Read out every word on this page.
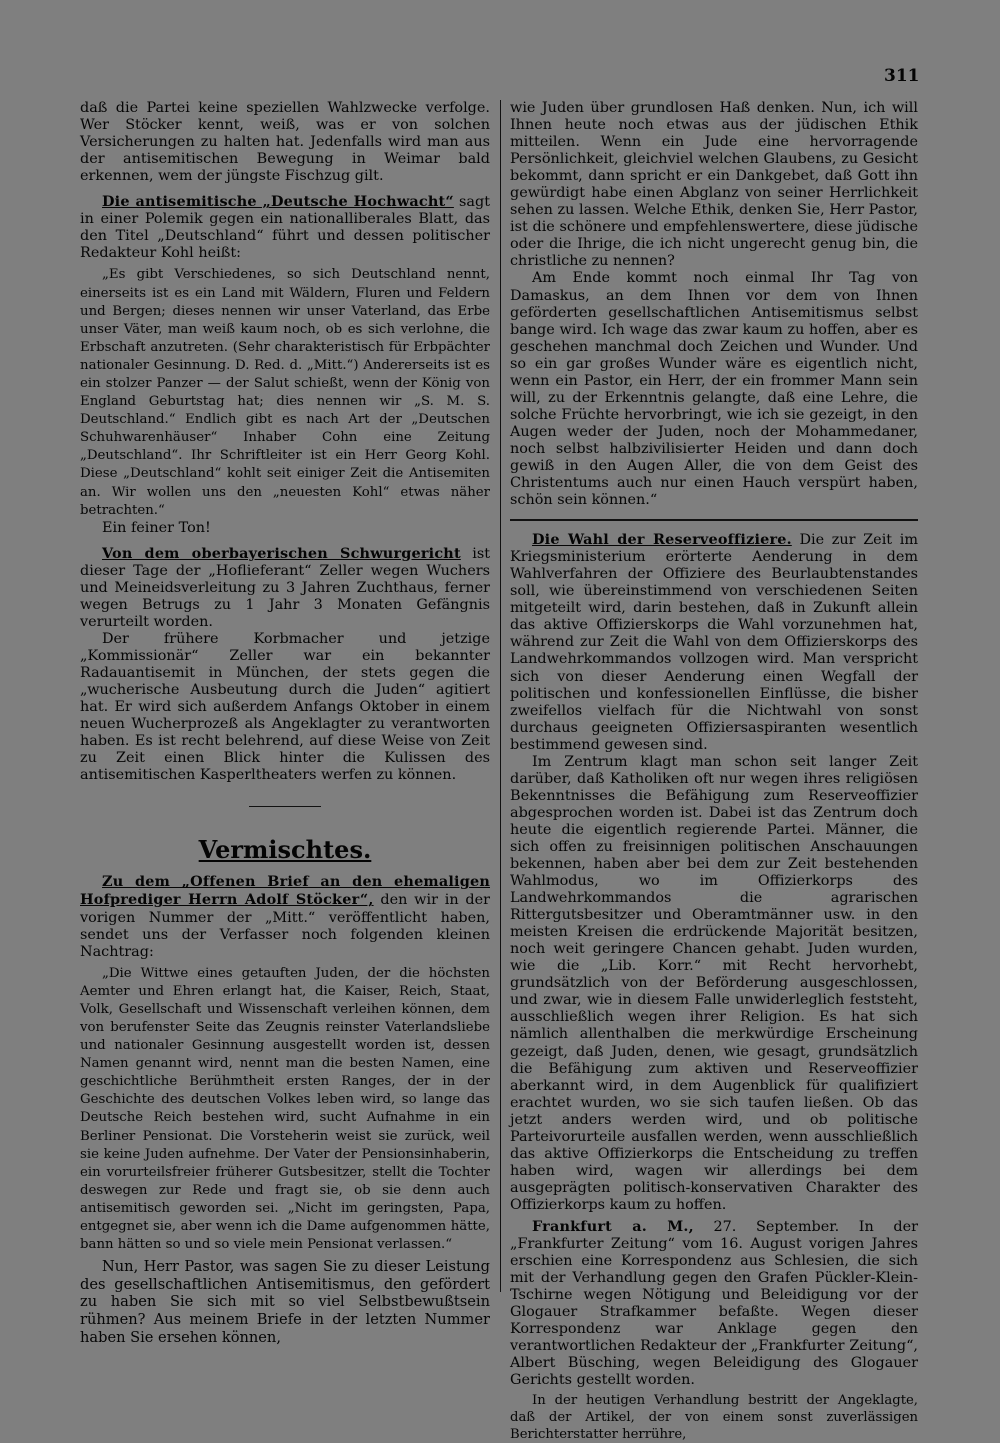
311

daß die Partei keine speziellen Wahlzwecke verfolge. Wer Stöcker kennt, weiß, was er von solchen Versicherungen zu halten hat. Jedenfalls wird man aus der antisemitischen Bewegung in Weimar bald erkennen, wem der jüngste Fischzug gilt.

Die antisemitische „Deutsche Hochwacht“ sagt in einer Polemik gegen ein nationalliberales Blatt, das den Titel „Deutschland“ führt und dessen politischer Redakteur Kohl heißt:

„Es gibt Verschiedenes, so sich Deutschland nennt, einerseits ist es ein Land mit Wäldern, Fluren und Feldern und Bergen; dieses nennen wir unser Vaterland, das Erbe unser Väter, man weiß kaum noch, ob es sich verlohne, die Erbschaft anzutreten. (Sehr charakteristisch für Erbpächter nationaler Gesinnung. D. Red. d. „Mitt.“) Andererseits ist es ein stolzer Panzer — der Salut schießt, wenn der König von England Geburtstag hat; dies nennen wir „S. M. S. Deutschland.“ Endlich gibt es nach Art der „Deutschen Schuhwarenhäuser“ Inhaber Cohn eine Zeitung „Deutschland“. Ihr Schriftleiter ist ein Herr Georg Kohl. Diese „Deutschland“ kohlt seit einiger Zeit die Antisemiten an. Wir wollen uns den „neuesten Kohl“ etwas näher betrachten.“

Ein feiner Ton!

Von dem oberbayerischen Schwurgericht ist dieser Tage der „Hoflieferant“ Zeller wegen Wuchers und Meineidsverleitung zu 3 Jahren Zuchthaus, ferner wegen Betrugs zu 1 Jahr 3 Monaten Gefängnis verurteilt worden.

Der frühere Korbmacher und jetzige „Kommissionär“ Zeller war ein bekannter Radauantisemit in München, der stets gegen die „wucherische Ausbeutung durch die Juden“ agitiert hat. Er wird sich außerdem Anfangs Oktober in einem neuen Wucherprozeß als Angeklagter zu verantworten haben. Es ist recht belehrend, auf diese Weise von Zeit zu Zeit einen Blick hinter die Kulissen des antisemitischen Kasperltheaters werfen zu können.

Vermischtes.

Zu dem „Offenen Brief an den ehemaligen Hofprediger Herrn Adolf Stöcker“, den wir in der vorigen Nummer der „Mitt.“ veröffentlicht haben, sendet uns der Verfasser noch folgenden kleinen Nachtrag:

„Die Wittwe eines getauften Juden, der die höchsten Aemter und Ehren erlangt hat, die Kaiser, Reich, Staat, Volk, Gesellschaft und Wissenschaft verleihen können, dem von berufenster Seite das Zeugnis reinster Vaterlandsliebe und nationaler Gesinnung ausgestellt worden ist, dessen Namen genannt wird, nennt man die besten Namen, eine geschichtliche Berühmtheit ersten Ranges, der in der Geschichte des deutschen Volkes leben wird, so lange das Deutsche Reich bestehen wird, sucht Aufnahme in ein Berliner Pensionat. Die Vorsteherin weist sie zurück, weil sie keine Juden aufnehme. Der Vater der Pensionsinhaberin, ein vorurteilsfreier früherer Gutsbesitzer, stellt die Tochter deswegen zur Rede und fragt sie, ob sie denn auch antisemitisch geworden sei. „Nicht im geringsten, Papa, entgegnet sie, aber wenn ich die Dame aufgenommen hätte, bann hätten so und so viele mein Pensionat verlassen.“

Nun, Herr Pastor, was sagen Sie zu dieser Leistung des gesellschaftlichen Antisemitismus, den gefördert zu haben Sie sich mit so viel Selbstbewußtsein rühmen? Aus meinem Briefe in der letzten Nummer haben Sie ersehen können,

wie Juden über grundlosen Haß denken. Nun, ich will Ihnen heute noch etwas aus der jüdischen Ethik mitteilen. Wenn ein Jude eine hervorragende Persönlichkeit, gleichviel welchen Glaubens, zu Gesicht bekommt, dann spricht er ein Dankgebet, daß Gott ihn gewürdigt habe einen Abglanz von seiner Herrlichkeit sehen zu lassen. Welche Ethik, denken Sie, Herr Pastor, ist die schönere und empfehlenswertere, diese jüdische oder die Ihrige, die ich nicht ungerecht genug bin, die christliche zu nennen?

Am Ende kommt noch einmal Ihr Tag von Damaskus, an dem Ihnen vor dem von Ihnen geförderten gesellschaftlichen Antisemitismus selbst bange wird. Ich wage das zwar kaum zu hoffen, aber es geschehen manchmal doch Zeichen und Wunder. Und so ein gar großes Wunder wäre es eigentlich nicht, wenn ein Pastor, ein Herr, der ein frommer Mann sein will, zu der Erkenntnis gelangte, daß eine Lehre, die solche Früchte hervorbringt, wie ich sie gezeigt, in den Augen weder der Juden, noch der Mohammedaner, noch selbst halbzivilisierter Heiden und dann doch gewiß in den Augen Aller, die von dem Geist des Christentums auch nur einen Hauch verspürt haben, schön sein können.“

Die Wahl der Reserveoffiziere. Die zur Zeit im Kriegsministerium erörterte Aenderung in dem Wahlverfahren der Offiziere des Beurlaubtenstandes soll, wie übereinstimmend von verschiedenen Seiten mitgeteilt wird, darin bestehen, daß in Zukunft allein das aktive Offizierskorps die Wahl vorzunehmen hat, während zur Zeit die Wahl von dem Offizierskorps des Landwehrkommandos vollzogen wird. Man verspricht sich von dieser Aenderung einen Wegfall der politischen und konfessionellen Einflüsse, die bisher zweifellos vielfach für die Nichtwahl von sonst durchaus geeigneten Offiziersaspiranten wesentlich bestimmend gewesen sind.

Im Zentrum klagt man schon seit langer Zeit darüber, daß Katholiken oft nur wegen ihres religiösen Bekenntnisses die Befähigung zum Reserveoffizier abgesprochen worden ist. Dabei ist das Zentrum doch heute die eigentlich regierende Partei. Männer, die sich offen zu freisinnigen politischen Anschauungen bekennen, haben aber bei dem zur Zeit bestehenden Wahlmodus, wo im Offizierkorps des Landwehrkommandos die agrarischen Rittergutsbesitzer und Oberamtmänner usw. in den meisten Kreisen die erdrückende Majorität besitzen, noch weit geringere Chancen gehabt. Juden wurden, wie die „Lib. Korr.“ mit Recht hervorhebt, grundsätzlich von der Beförderung ausgeschlossen, und zwar, wie in diesem Falle unwiderleglich feststeht, ausschließlich wegen ihrer Religion. Es hat sich nämlich allenthalben die merkwürdige Erscheinung gezeigt, daß Juden, denen, wie gesagt, grundsätzlich die Befähigung zum aktiven und Reserveoffizier aberkannt wird, in dem Augenblick für qualifiziert erachtet wurden, wo sie sich taufen ließen. Ob das jetzt anders werden wird, und ob politische Parteivorurteile ausfallen werden, wenn ausschließlich das aktive Offizierkorps die Entscheidung zu treffen haben wird, wagen wir allerdings bei dem ausgeprägten politisch-konservativen Charakter des Offizierkorps kaum zu hoffen.

Frankfurt a. M., 27. September. In der „Frankfurter Zeitung“ vom 16. August vorigen Jahres erschien eine Korrespondenz aus Schlesien, die sich mit der Verhandlung gegen den Grafen Pückler-Klein-Tschirne wegen Nötigung und Beleidigung vor der Glogauer Strafkammer befaßte. Wegen dieser Korrespondenz war Anklage gegen den verantwortlichen Redakteur der „Frankfurter Zeitung“, Albert Büsching, wegen Beleidigung des Glogauer Gerichts gestellt worden.

In der heutigen Verhandlung bestritt der Angeklagte, daß der Artikel, der von einem sonst zuverlässigen Berichterstatter herrühre,
